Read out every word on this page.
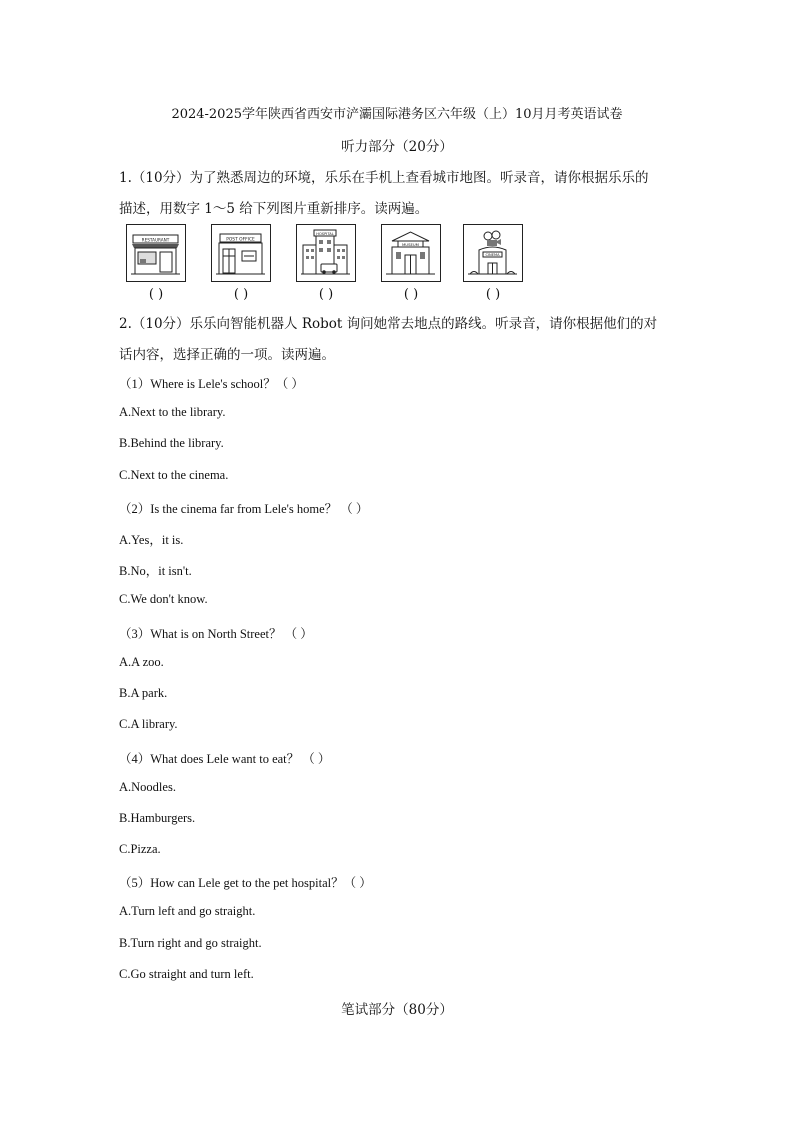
2024-2025学年陕西省西安市浐灞国际港务区六年级（上）10月月考英语试卷
听力部分（20分）
1.（10分）为了熟悉周边的环境，乐乐在手机上查看城市地图。听录音，请你根据乐乐的
描述，用数字 1～5 给下列图片重新排序。读两遍。
RESTAURANT
( )
POST OFFICE
( )
HOSPITAL
( )
MUSEUM
( )
CINEMA
( )
2.（10分）乐乐向智能机器人 Robot 询问她常去地点的路线。听录音，请你根据他们的对
话内容，选择正确的一项。读两遍。
（1）Where is Lele's school？（ ）
A.Next to the library.
B.Behind the library.
C.Next to the cinema.
（2）Is the cinema far from Lele's home？ （ ）
A.Yes，it is.
B.No，it isn't.
C.We don't know.
（3）What is on North Street？ （ ）
A.A zoo.
B.A park.
C.A library.
（4）What does Lele want to eat？ （ ）
A.Noodles.
B.Hamburgers.
C.Pizza.
（5）How can Lele get to the pet hospital？（ ）
A.Turn left and go straight.
B.Turn right and go straight.
C.Go straight and turn left.
笔试部分（80分）
